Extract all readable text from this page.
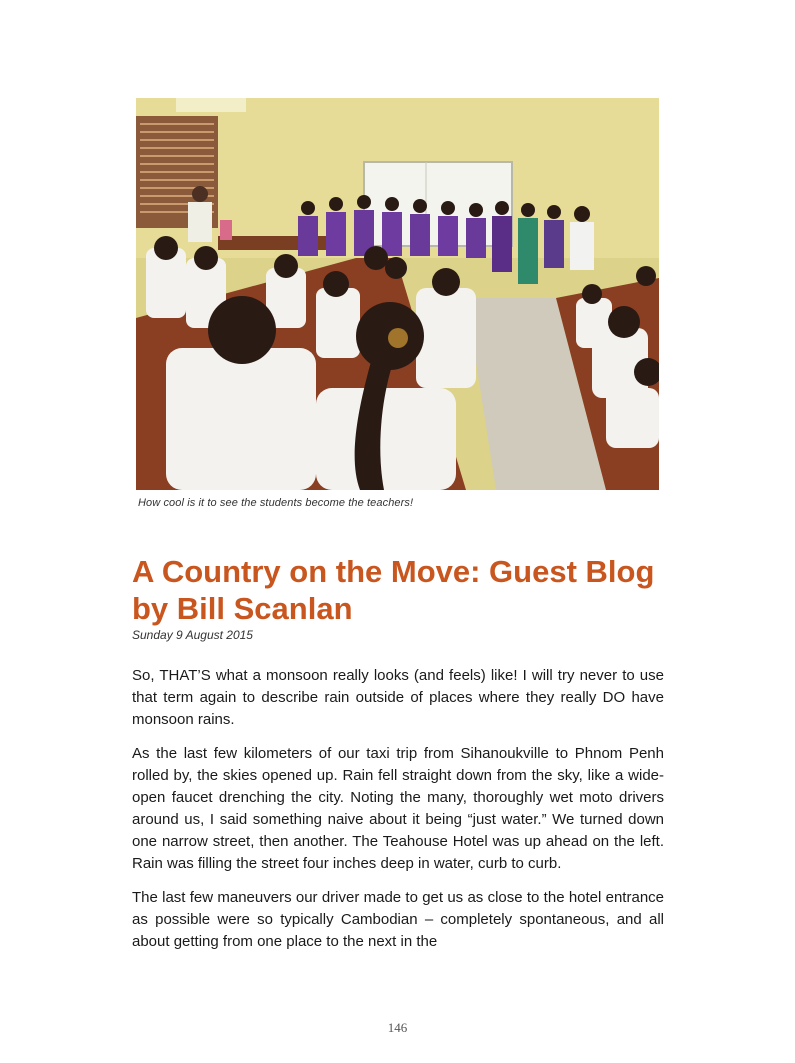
How cool is it to see the students become the teachers!
A Country on the Move: Guest Blog by Bill Scanlan
Sunday 9 August 2015

So, THAT’S what a monsoon really looks (and feels) like! I will try never to use that term again to describe rain outside of places where they really DO have monsoon rains.

As the last few kilometers of our taxi trip from Sihanoukville to Phnom Penh rolled by, the skies opened up. Rain fell straight down from the sky, like a wide-open faucet drenching the city. Noting the many, thoroughly wet moto drivers around us, I said something naive about it being “just water.” We turned down one narrow street, then another. The Teahouse Hotel was up ahead on the left. Rain was filling the street four inches deep in water, curb to curb.

The last few maneuvers our driver made to get us as close to the hotel entrance as possible were so typically Cambodian – completely spontaneous, and all about getting from one place to the next in the

146
